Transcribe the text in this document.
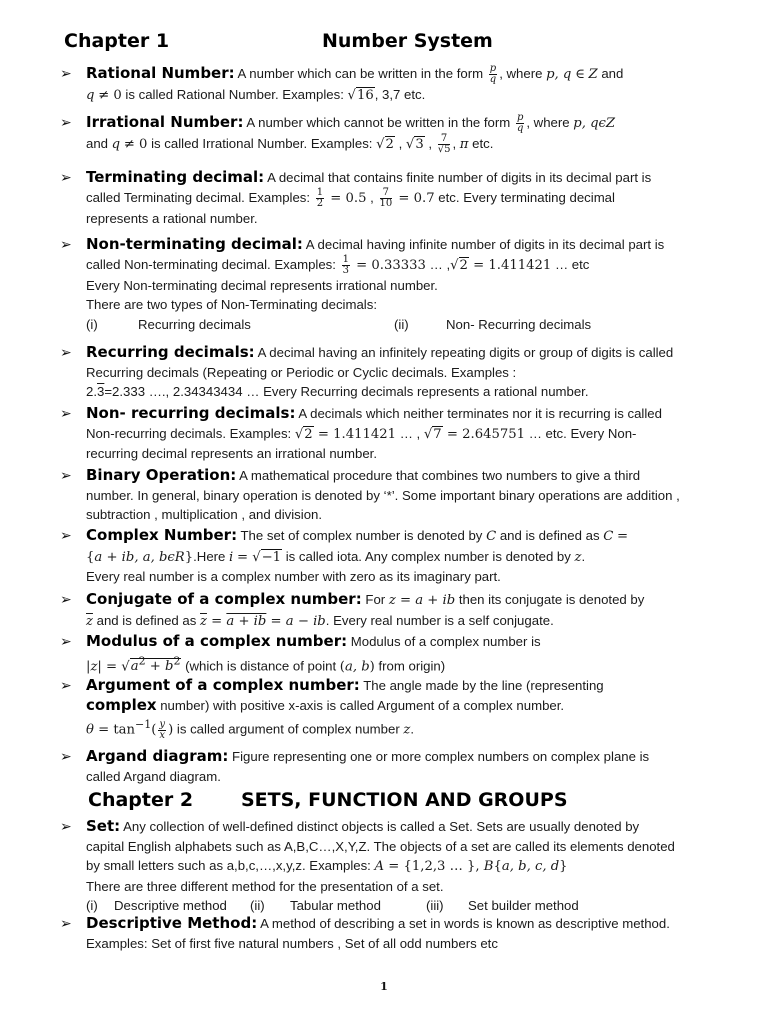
Chapter 1	Number System
➢ Rational Number: A number which can be written in the form $\frac{p}{q}$ , where p, q ∈ Z and
q ≠ 0 is called Rational Number. Examples: √16, 3,7 etc.
➢ Irrational Number: A number which cannot be written in the form $\frac{p}{q}$ , where p, qϵZ
and q ≠ 0 is called Irrational Number. Examples: √2 , √3 , $\frac{7}{√5}$ , π etc.
➢ Terminating decimal: A decimal that contains finite number of digits in its decimal part is called Terminating decimal. Examples: $\frac{1}{2} = 0.5$ , $\frac{7}{10} = 0.7$ etc. Every terminating decimal represents a rational number.
➢ Non-terminating decimal: A decimal having infinite number of digits in its decimal part is called Non-terminating decimal. Examples: $\frac{1}{3} = 0.33333$ … ,√2 = 1.411421 … etc
Every Non-terminating decimal represents irrational number.
There are two types of Non-Terminating decimals:

(i)	Recurring decimals	(ii)	Non- Recurring decimals
➢ Recurring decimals: A decimal having an infinitely repeating digits or group of digits is called Recurring decimals (Repeating or Periodic or Cyclic decimals. Examples :
2.3=2.333 …., 2.34343434 … Every Recurring decimals represents a rational number.
➢ Non- recurring decimals: A decimals which neither terminates nor it is recurring is called Non-recurring decimals. Examples: √2 = 1.411421 … , √7 = 2.645751 … etc. Every Non-recurring decimal represents an irrational number.
➢ Binary Operation: A mathematical procedure that combines two numbers to give a third number. In general, binary operation is denoted by ‘*’. Some important binary operations are addition , subtraction , multiplication , and division.
➢ Complex Number: The set of complex number is denoted by C and is defined as C =
{a + ib, a, bϵR}.Here i = √−1 is called iota. Any complex number is denoted by z.
Every real number is a complex number with zero as its imaginary part.
➢ Conjugate of a complex number: For z = a + ib then its conjugate is denoted by
$\overline{z}$ and is defined as $\overline{z} = a$ + ib = a − ib. Every real number is a self conjugate.
➢ Modulus of a complex number: Modulus of a complex number is
$|z| = √a^2 + b^2$ (which is distance of point (a, b) from origin)
➢ Argument of a complex number: The angle made by the line (representing
complex number) with positive x-axis is called Argument of a complex number.
$\theta = \tan^{-1}( \frac{y}{x}$ ) is called argument of complex number z.
➢ Argand diagram: Figure representing one or more complex numbers on complex plane is called Argand diagram.
Chapter 2	SETS, FUNCTION AND GROUPS
➢ Set: Any collection of well-defined distinct objects is called a Set. Sets are usually denoted by capital English alphabets such as A,B,C…,X,Y,Z. The objects of a set are called its elements denoted by small letters such as a,b,c,…,x,y,z. Examples: A = {1,2,3 … }, B{a, b, c, d}
There are three different method for the presentation of a set.

(i)	Descriptive method	(ii)	Tabular method	(iii)	Set builder method
➢ Descriptive Method: A method of describing a set in words is known as descriptive method. Examples: Set of first five natural numbers , Set of all odd numbers etc
1
